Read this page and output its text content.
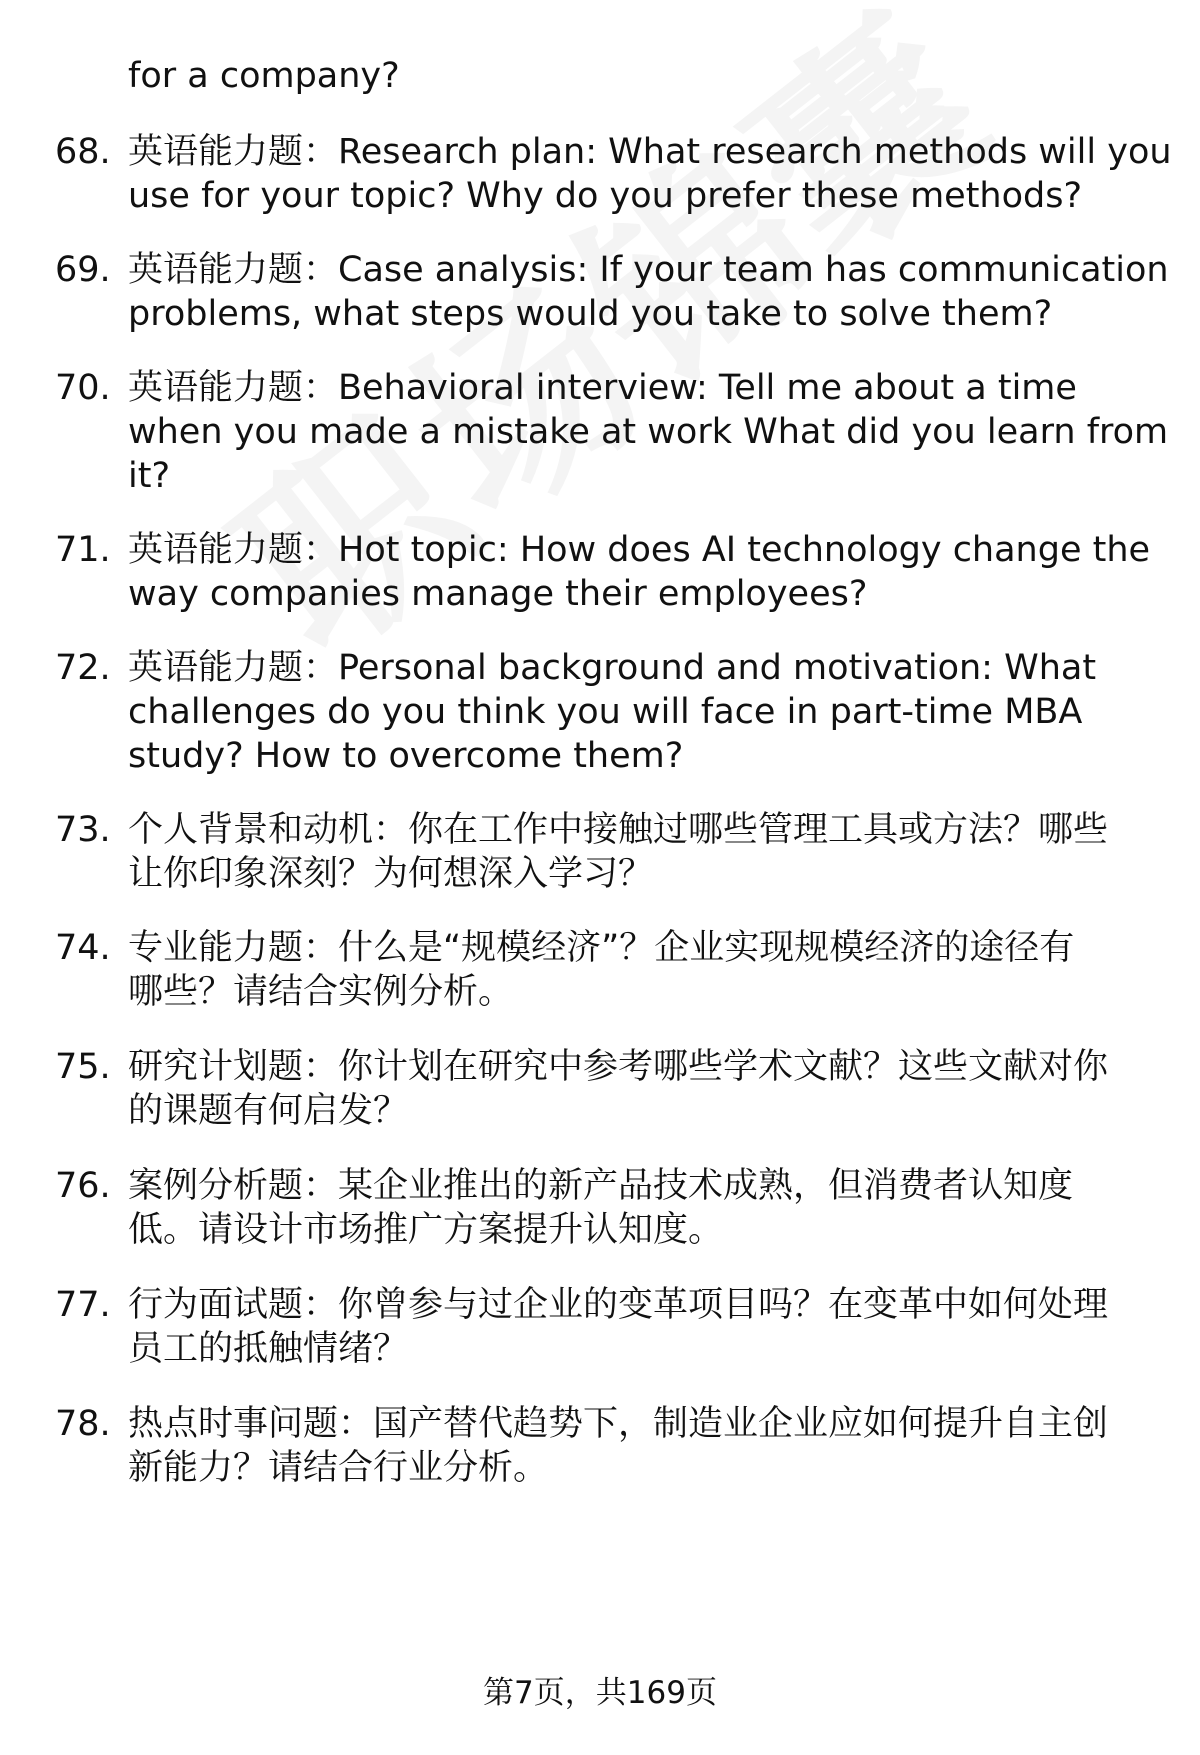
for a company?
68. 英语能力题：Research plan: What research methods will you
use for your topic? Why do you prefer these methods?
69. 英语能力题：Case analysis: If your team has communication
problems, what steps would you take to solve them?
70. 英语能力题：Behavioral interview: Tell me about a time
when you made a mistake at work What did you learn from
it?
71. 英语能力题：Hot topic: How does AI technology change the
way companies manage their employees?
72. 英语能力题：Personal background and motivation: What
challenges do you think you will face in part-time MBA
study? How to overcome them?
73. 个人背景和动机：你在工作中接触过哪些管理工具或方法？哪些
让你印象深刻？为何想深入学习？
74. 专业能力题：什么是“规模经济”？企业实现规模经济的途径有
哪些？请结合实例分析。
75. 研究计划题：你计划在研究中参考哪些学术文献？这些文献对你
的课题有何启发？
76. 案例分析题：某企业推出的新产品技术成熟，但消费者认知度
低。请设计市场推广方案提升认知度。
77. 行为面试题：你曾参与过企业的变革项目吗？在变革中如何处理
员工的抵触情绪？
78. 热点时事问题：国产替代趋势下，制造业企业应如何提升自主创
新能力？请结合行业分析。
第7页，共169页
